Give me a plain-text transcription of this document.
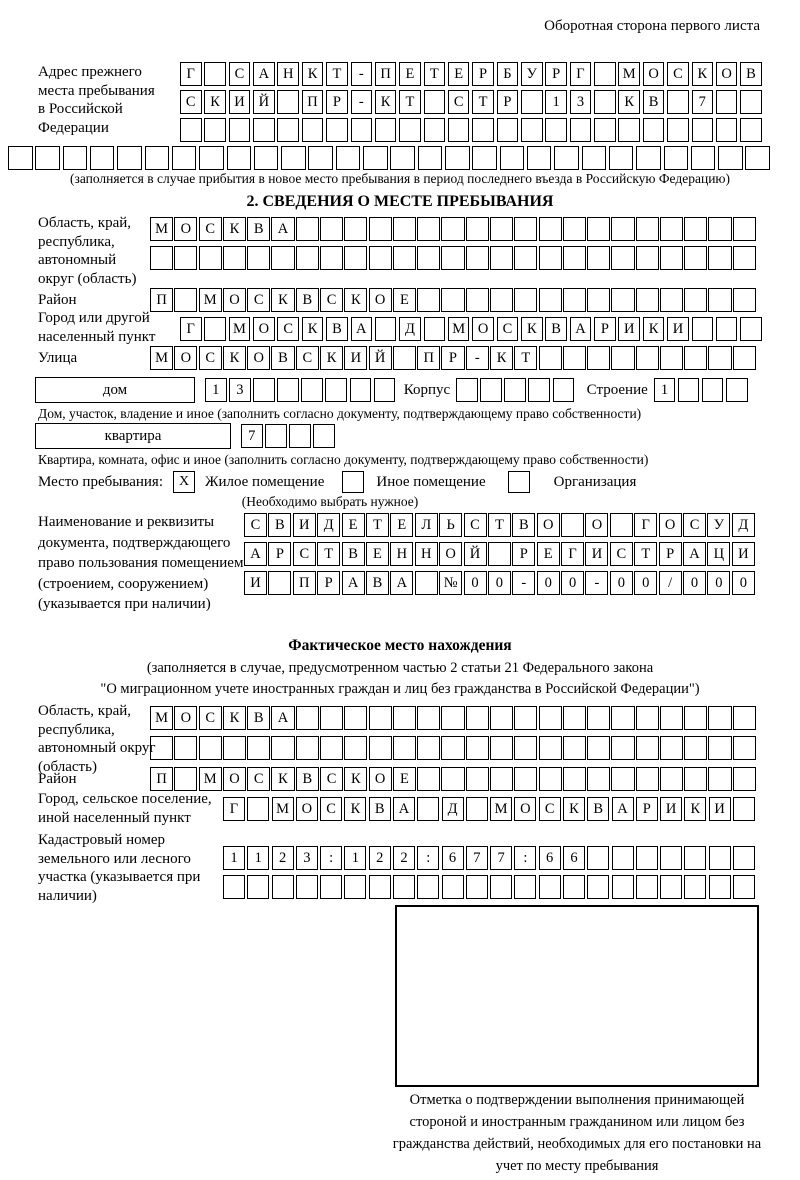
Оборотная сторона первого листа
Адрес прежнего места пребывания в Российской Федерации
Г	С А Н К	Т	-	П	Е	Т	Е	Р	Б	У	Р	Г	М О С	К О В
С	К И Й	П	Р	-	К	Т	С	Т	Р	1	3	К	В	7
(заполняется в случае прибытия в новое место пребывания в период последнего въезда в Российскую Федерацию)
2. СВЕДЕНИЯ О МЕСТЕ ПРЕБЫВАНИЯ
Область, край, республика, автономный округ (область)
М О С	К	В А
Район	П	М О С	К	В	С	К О	Е
Город или другой населенный пункт	Г	М О С	К	В А	Д	М О С	К	В А	Р	И К И
Улица	М О С	К О В	С	К И Й	П	Р	-	К	Т
дом	1	3	Корпус	Строение 1
Дом, участок, владение и иное (заполнить согласно документу, подтверждающему право собственности)
квартира	7
Квартира, комната, офис и иное (заполнить согласно документу, подтверждающему право собственности)
Место пребывания:	X	Жилое помещение	Иное помещение	Организация
(Необходимо выбрать нужное)
Наименование и реквизиты документа, подтверждающего право пользования помещением (строением, сооружением) (указывается при наличии)
С	В И Д	Е	Т	Е	Л	Ь	С	Т	В О	О	Г	О С У Д
А	Р	С	Т	В	Е	Н Н О Й	Р	Е	Г	И С	Т	Р	А Ц И
И	П	Р	А В А	№ 0	0	-	0	0	-	0	0	/	0	0	0
Фактическое место нахождения
(заполняется в случае, предусмотренном частью 2 статьи 21 Федерального закона
"О миграционном учете иностранных граждан и лиц без гражданства в Российской Федерации")
Область, край, республика, автономный округ (область)
М О С	К	В А
Район	П	М О С	К	В	С	К О	Е
Город, сельское поселение, иной населенный пункт
Г	М О С	К	В А	Д	М О С	К	В А	Р	И К И
Кадастровый номер земельного или лесного участка (указывается при наличии)
1	1	2	3	:	1	2	2	:	6	7	7	:	6	6
Отметка о подтверждении выполнения принимающей стороной и иностранным гражданином или лицом без гражданства действий, необходимых для его постановки на учет по месту пребывания
